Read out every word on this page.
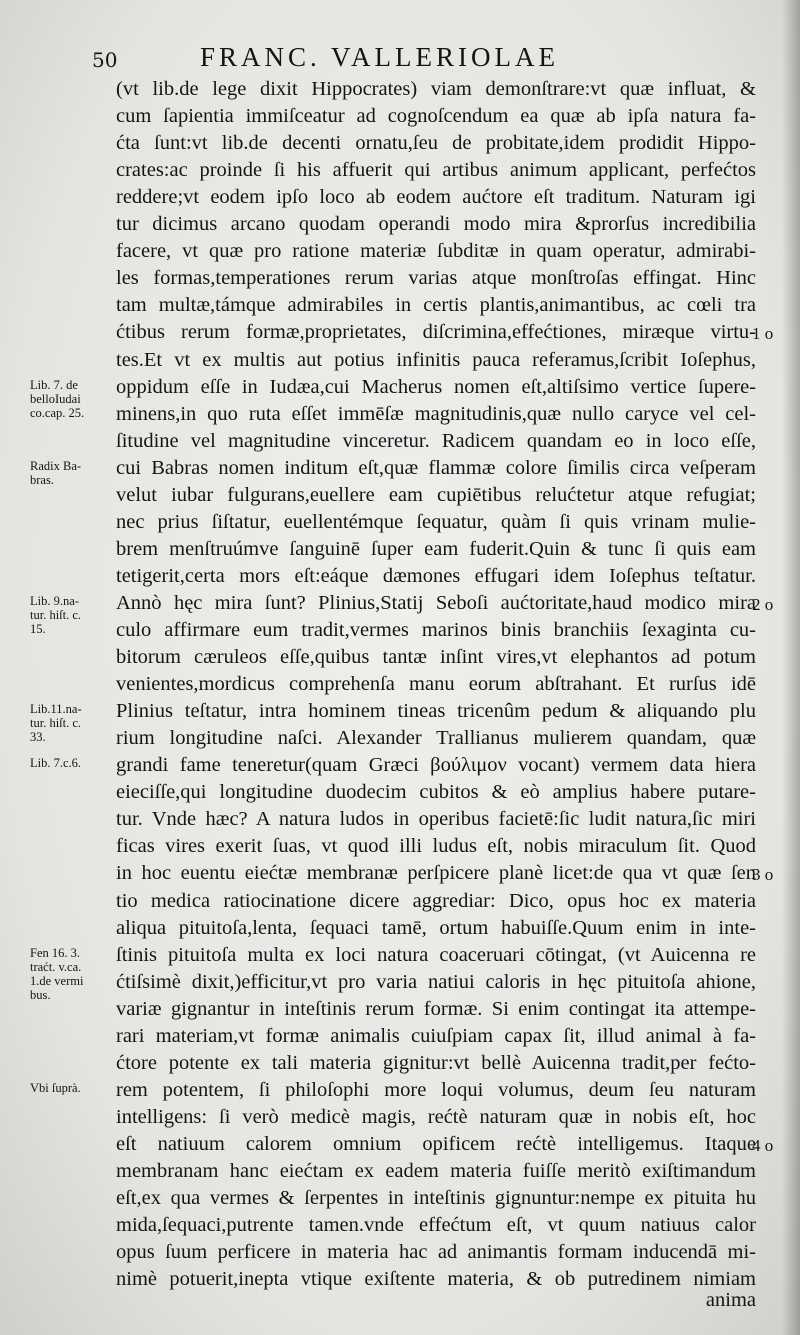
50	FRANC. VALLERIOLAE
(vt lib.de lege dixit Hippocrates) viam demonſtrare:vt quæ influat, &
cum ſapientia immiſceatur ad cognoſcendum ea quæ ab ipſa natura fa-
ćta ſunt:vt lib.de decenti ornatu,ſeu de probitate,idem prodidit Hippo-
crates:ac proinde ſi his affuerit qui artibus animum applicant, perfećtos
reddere;vt eodem ipſo loco ab eodem aućtore eſt traditum. Naturam igi
tur dicimus arcano quodam operandi modo mira &prorſus incredibilia
facere, vt quæ pro ratione materiæ ſubditæ in quam operatur, admirabi-
les formas,temperationes rerum varias atque monſtroſas effingat. Hinc
tam multæ,támque admirabiles in certis plantis,animantibus, ac cœli tra
ćtibus rerum formæ,proprietates, diſcrimina,effećtiones, miræque virtu-
tes.Et vt ex multis aut potius infinitis pauca referamus,ſcribit Ioſephus,
oppidum eſſe in Iudæa,cui Macherus nomen eſt,altiſsimo vertice ſupere-
minens,in quo ruta eſſet immēſæ magnitudinis,quæ nullo caryce vel cel-
ſitudine vel magnitudine vinceretur. Radicem quandam eo in loco eſſe,
cui Babras nomen inditum eſt,quæ flammæ colore ſimilis circa veſperam
velut iubar fulgurans,euellere eam cupiētibus relućtetur atque refugiat;
nec prius ſiſtatur, euellentémque ſequatur, quàm ſi quis vrinam mulie-
brem menſtruúmve ſanguinē ſuper eam fuderit.Quin & tunc ſi quis eam
tetigerit,certa mors eſt:eáque dæmones effugari idem Ioſephus teſtatur.
Annò hęc mira ſunt? Plinius,Statij Seboſi aućtoritate,haud modico mira
culo affirmare eum tradit,vermes marinos binis branchiis ſexaginta cu-
bitorum cæruleos eſſe,quibus tantæ inſint vires,vt elephantos ad potum
venientes,mordicus comprehenſa manu eorum abſtrahant. Et rurſus idē
Plinius teſtatur, intra hominem tineas tricenûm pedum & aliquando plu
rium longitudine naſci. Alexander Trallianus mulierem quandam, quæ
grandi fame teneretur(quam Græci βούλιμον vocant) vermem data hiera
eieciſſe,qui longitudine duodecim cubitos & eò amplius habere putare-
tur. Vnde hæc? A natura ludos in operibus facietē:ſic ludit natura,ſic miri
ficas vires exerit ſuas, vt quod illi ludus eſt, nobis miraculum ſit. Quod
in hoc euentu eiećtæ membranæ perſpicere planè licet:de qua vt quæ ſen
tio medica ratiocinatione dicere aggrediar: Dico, opus hoc ex materia
aliqua pituitoſa,lenta, ſequaci tamē, ortum habuiſſe.Quum enim in inte-
ſtinis pituitoſa multa ex loci natura coaceruari cōtingat, (vt Auicenna re
ćtiſsimè dixit,)efficitur,vt pro varia natiui caloris in hęc pituitoſa ahione,
variæ gignantur in inteſtinis rerum formæ. Si enim contingat ita attempe-
rari materiam,vt formæ animalis cuiuſpiam capax ſit, illud animal à fa-
ćtore potente ex tali materia gignitur:vt bellè Auicenna tradit,per fećto-
rem potentem, ſi philoſophi more loqui volumus, deum ſeu naturam
intelligens: ſi verò medicè magis, rećtè naturam quæ in nobis eſt, hoc
eſt natiuum calorem omnium opificem rećtè intelligemus. Itaque
membranam hanc eiećtam ex eadem materia fuiſſe meritò exiſtimandum
eſt,ex qua vermes & ſerpentes in inteſtinis gignuntur:nempe ex pituita hu
mida,ſequaci,putrente tamen.vnde effećtum eſt, vt quum natiuus calor
opus ſuum perficere in materia hac ad animantis formam inducendā mi-
nimè potuerit,inepta vtique exiſtente materia, & ob putredinem nimiam
anima
Lib. 7. de
belloIudai
co.cap. 25.
Radix Ba-
bras.
Lib. 9.na-
tur. hiſt. c.
15.
Lib.11.na-
tur. hiſt. c.
33.
Lib. 7.c.6.
Fen 16. 3.
traćt. v.ca.
1.de vermi
bus.
Vbi ſuprà.
1 o
2 o
3 o
4 o
